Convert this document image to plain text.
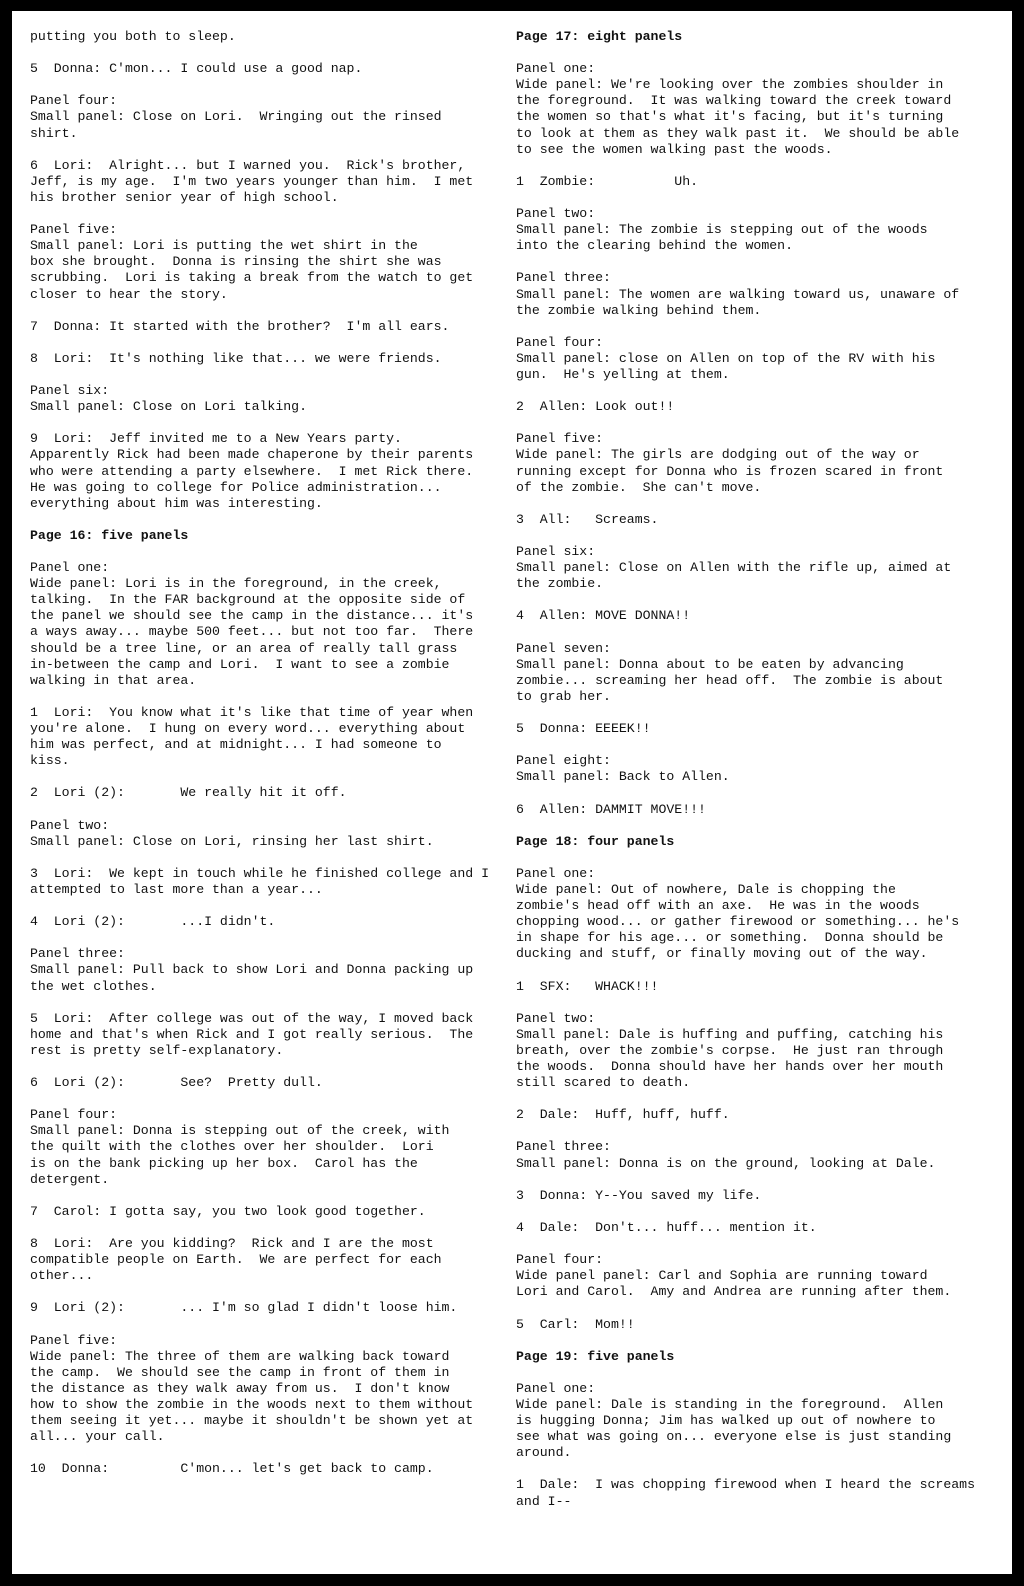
putting you both to sleep.
5  Donna: C'mon... I could use a good nap.
Panel four:
Small panel: Close on Lori.  Wringing out the rinsed
shirt.
6  Lori:  Alright... but I warned you.  Rick's brother,
Jeff, is my age.  I'm two years younger than him.  I met
his brother senior year of high school.
Panel five:
Small panel: Lori is putting the wet shirt in the
box she brought.  Donna is rinsing the shirt she was
scrubbing.  Lori is taking a break from the watch to get
closer to hear the story.
7  Donna: It started with the brother?  I'm all ears.
8  Lori:  It's nothing like that... we were friends.
Panel six:
Small panel: Close on Lori talking.
9  Lori:  Jeff invited me to a New Years party.
Apparently Rick had been made chaperone by their parents
who were attending a party elsewhere.  I met Rick there.
He was going to college for Police administration...
everything about him was interesting.
Page 16: five panels
Panel one:
Wide panel: Lori is in the foreground, in the creek,
talking.  In the FAR background at the opposite side of
the panel we should see the camp in the distance... it's
a ways away... maybe 500 feet... but not too far.  There
should be a tree line, or an area of really tall grass
in-between the camp and Lori.  I want to see a zombie
walking in that area.
1  Lori:  You know what it's like that time of year when
you're alone.  I hung on every word... everything about
him was perfect, and at midnight... I had someone to
kiss.
2  Lori (2):       We really hit it off.
Panel two:
Small panel: Close on Lori, rinsing her last shirt.
3  Lori:  We kept in touch while he finished college and I
attempted to last more than a year...
4  Lori (2):       ...I didn't.
Panel three:
Small panel: Pull back to show Lori and Donna packing up
the wet clothes.
5  Lori:  After college was out of the way, I moved back
home and that's when Rick and I got really serious.  The
rest is pretty self-explanatory.
6  Lori (2):       See?  Pretty dull.
Panel four:
Small panel: Donna is stepping out of the creek, with
the quilt with the clothes over her shoulder.  Lori
is on the bank picking up her box.  Carol has the
detergent.
7  Carol: I gotta say, you two look good together.
8  Lori:  Are you kidding?  Rick and I are the most
compatible people on Earth.  We are perfect for each
other...
9  Lori (2):       ... I'm so glad I didn't loose him.
Panel five:
Wide panel: The three of them are walking back toward
the camp.  We should see the camp in front of them in
the distance as they walk away from us.  I don't know
how to show the zombie in the woods next to them without
them seeing it yet... maybe it shouldn't be shown yet at
all... your call.
10  Donna:         C'mon... let's get back to camp.
Page 17: eight panels
Panel one:
Wide panel: We're looking over the zombies shoulder in
the foreground.  It was walking toward the creek toward
the women so that's what it's facing, but it's turning
to look at them as they walk past it.  We should be able
to see the women walking past the woods.
1  Zombie:          Uh.
Panel two:
Small panel: The zombie is stepping out of the woods
into the clearing behind the women.
Panel three:
Small panel: The women are walking toward us, unaware of
the zombie walking behind them.
Panel four:
Small panel: close on Allen on top of the RV with his
gun.  He's yelling at them.
2  Allen: Look out!!
Panel five:
Wide panel: The girls are dodging out of the way or
running except for Donna who is frozen scared in front
of the zombie.  She can't move.
3  All:   Screams.
Panel six:
Small panel: Close on Allen with the rifle up, aimed at
the zombie.
4  Allen: MOVE DONNA!!
Panel seven:
Small panel: Donna about to be eaten by advancing
zombie... screaming her head off.  The zombie is about
to grab her.
5  Donna: EEEEK!!
Panel eight:
Small panel: Back to Allen.
6  Allen: DAMMIT MOVE!!!
Page 18: four panels
Panel one:
Wide panel: Out of nowhere, Dale is chopping the
zombie's head off with an axe.  He was in the woods
chopping wood... or gather firewood or something... he's
in shape for his age... or something.  Donna should be
ducking and stuff, or finally moving out of the way.
1  SFX:   WHACK!!!
Panel two:
Small panel: Dale is huffing and puffing, catching his
breath, over the zombie's corpse.  He just ran through
the woods.  Donna should have her hands over her mouth
still scared to death.
2  Dale:  Huff, huff, huff.
Panel three:
Small panel: Donna is on the ground, looking at Dale.
3  Donna: Y--You saved my life.
4  Dale:  Don't... huff... mention it.
Panel four:
Wide panel panel: Carl and Sophia are running toward
Lori and Carol.  Amy and Andrea are running after them.
5  Carl:  Mom!!
Page 19: five panels
Panel one:
Wide panel: Dale is standing in the foreground.  Allen
is hugging Donna; Jim has walked up out of nowhere to
see what was going on... everyone else is just standing
around.
1  Dale:  I was chopping firewood when I heard the screams
and I--
